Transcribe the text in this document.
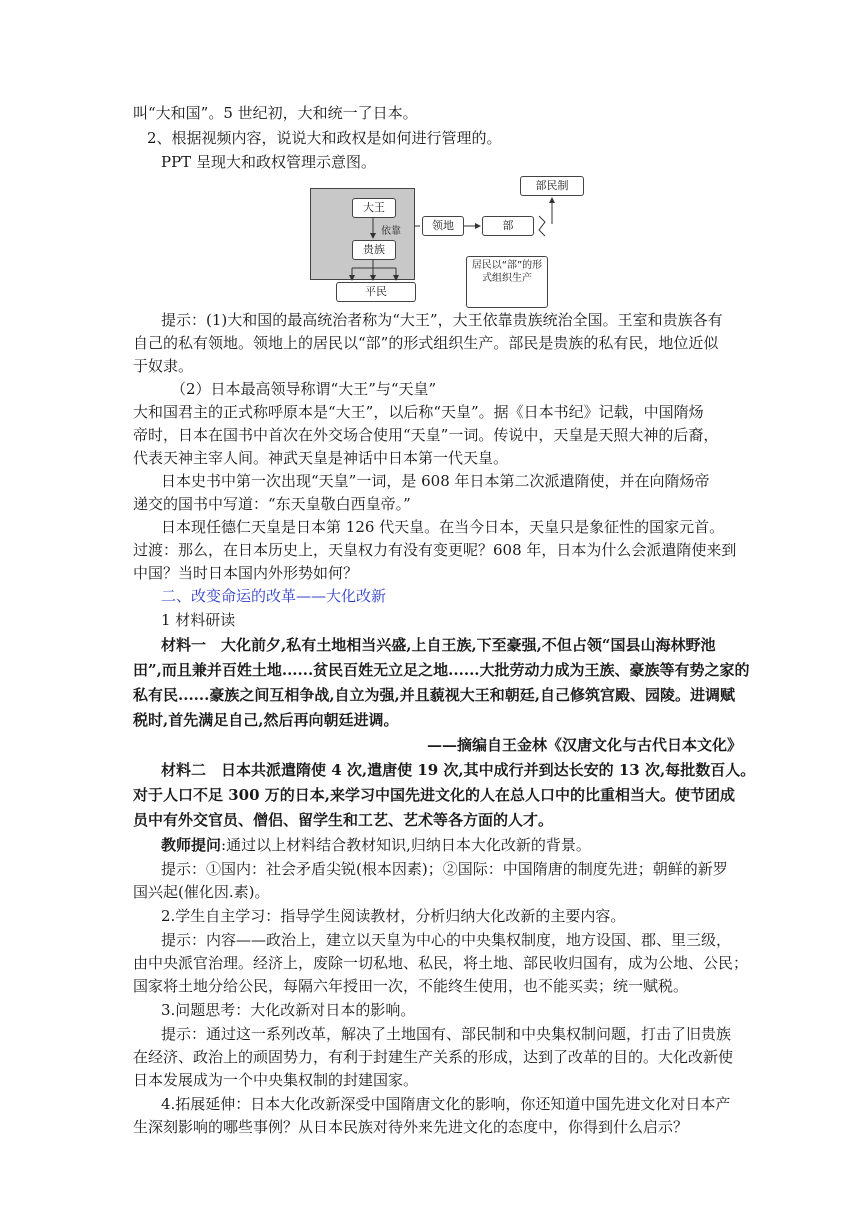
叫“大和国”。5 世纪初，大和统一了日本。
2、根据视频内容，说说大和政权是如何进行管理的。
PPT 呈现大和政权管理示意图。
大王
依靠
贵族
平民
领地	部
部民制
居民以“部”的形式组织生产
提示：(1)大和国的最高统治者称为“大王”，大王依靠贵族统治全国。王室和贵族各有
自己的私有领地。领地上的居民以“部”的形式组织生产。部民是贵族的私有民，地位近似
于奴隶。
（2）日本最高领导称谓“大王”与“天皇”
大和国君主的正式称呼原本是“大王”，以后称“天皇”。据《日本书纪》记载，中国隋炀
帝时，日本在国书中首次在外交场合使用“天皇”一词。传说中，天皇是天照大神的后裔，
代表天神主宰人间。神武天皇是神话中日本第一代天皇。
日本史书中第一次出现“天皇”一词，是 608 年日本第二次派遣隋使，并在向隋炀帝
递交的国书中写道：“东天皇敬白西皇帝。”
日本现任德仁天皇是日本第 126 代天皇。在当今日本，天皇只是象征性的国家元首。
过渡：那么，在日本历史上，天皇权力有没有变更呢？608 年，日本为什么会派遣隋使来到
中国？当时日本国内外形势如何？
二、改变命运的改革——大化改新
1 材料研读
材料一　大化前夕,私有土地相当兴盛,上自王族,下至豪强,不但占领“国县山海林野池
田”,而且兼并百姓土地......贫民百姓无立足之地......大批劳动力成为王族、豪族等有势之家的
私有民......豪族之间互相争战,自立为强,并且藐视大王和朝廷,自己修筑宫殿、园陵。进调赋
税时,首先满足自己,然后再向朝廷进调。
——摘编自王金林《汉唐文化与古代日本文化》
材料二　日本共派遣隋使 4 次,遣唐使 19 次,其中成行并到达长安的 13 次,每批数百人。
对于人口不足 300 万的日本,来学习中国先进文化的人在总人口中的比重相当大。使节团成
员中有外交官员、僧侣、留学生和工艺、艺术等各方面的人才。
教师提问:通过以上材料结合教材知识,归纳日本大化改新的背景。
提示：①国内：社会矛盾尖锐(根本因素)；②国际：中国隋唐的制度先进；朝鲜的新罗
国兴起(催化因.素)。
2.学生自主学习：指导学生阅读教材，分析归纳大化改新的主要内容。
提示：内容——政治上，建立以天皇为中心的中央集权制度，地方设国、郡、里三级，
由中央派官治理。经济上，废除一切私地、私民，将土地、部民收归国有，成为公地、公民；
国家将土地分给公民，每隔六年授田一次，不能终生使用，也不能买卖；统一赋税。
3.问题思考：大化改新对日本的影响。
提示：通过这一系列改革，解决了土地国有、部民制和中央集权制问题，打击了旧贵族
在经济、政治上的顽固势力，有利于封建生产关系的形成，达到了改革的目的。大化改新使
日本发展成为一个中央集权制的封建国家。
4.拓展延伸：日本大化改新深受中国隋唐文化的影响，你还知道中国先进文化对日本产
生深刻影响的哪些事例？从日本民族对待外来先进文化的态度中，你得到什么启示？
